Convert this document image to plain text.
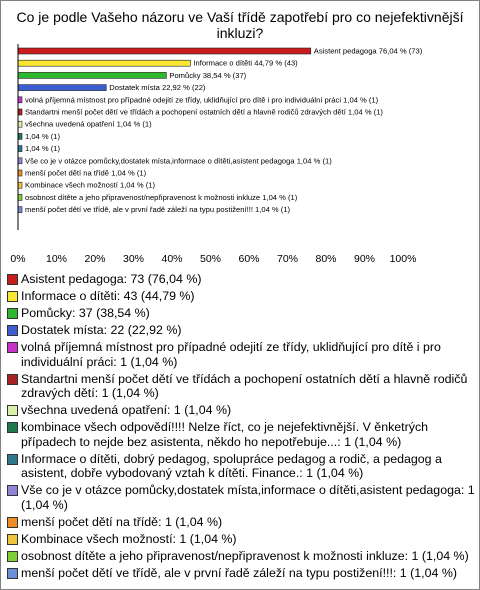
Co je podle Vašeho názoru ve Vaší třídě zapotřebí pro co nejefektivnější inkluzi?
Asistent pedagoga 76,04 % (73)
Informace o dítěti 44,79 % (43)
Pomůcky 38,54 % (37)
Dostatek místa 22,92 % (22)
volná příjemná místnost pro případné odejití ze třídy, uklidňující pro dítě i pro individuální práci 1,04 % (1)
Standartni menší počet dětí ve třídách a pochopení ostatních dětí a hlavně rodičů zdravých dětí 1,04 % (1)
všechna uvedená opatření 1,04 % (1)
1,04 % (1)
1,04 % (1)
Vše co je v otázce pomůcky,dostatek místa,informace o dítěti,asistent pedagoga 1,04 % (1)
menší počet dětí na třídě 1,04 % (1)
Kombinace všech možností 1,04 % (1)
osobnost dítěte a jeho připravenost/nepřipravenost k možnosti inkluze 1,04 % (1)
menší počet dětí ve třídě, ale v první řadě záleží na typu postižení!!! 1,04 % (1)
0% 10% 20% 30% 40% 50% 60% 70% 80% 90% 100%
Asistent pedagoga: 73 (76,04 %)
Informace o dítěti: 43 (44,79 %)
Pomůcky: 37 (38,54 %)
Dostatek místa: 22 (22,92 %)
volná příjemná místnost pro případné odejití ze třídy, uklidňující pro dítě i pro individuální práci: 1 (1,04 %)
Standartni menší počet dětí ve třídách a pochopení ostatních dětí a hlavně rodičů zdravých dětí: 1 (1,04 %)
všechna uvedená opatření: 1 (1,04 %)
kombinace všech odpovědí!!!! Nelze říct, co je nejefektivnější. V ěnketrých případech to nejde bez asistenta, někdo ho nepotřebuje...: 1 (1,04 %)
Informace o dítěti, dobrý pedagog, spolupráce pedagog a rodič, a pedagog a asistent, dobře vybodovaný vztah k dítěti. Finance.: 1 (1,04 %)
Vše co je v otázce pomůcky,dostatek místa,informace o dítěti,asistent pedagoga: 1 (1,04 %)
menší počet dětí na třídě: 1 (1,04 %)
Kombinace všech možností: 1 (1,04 %)
osobnost dítěte a jeho připravenost/nepřipravenost k možnosti inkluze: 1 (1,04 %)
menší počet dětí ve třídě, ale v první řadě záleží na typu postižení!!!: 1 (1,04 %)
